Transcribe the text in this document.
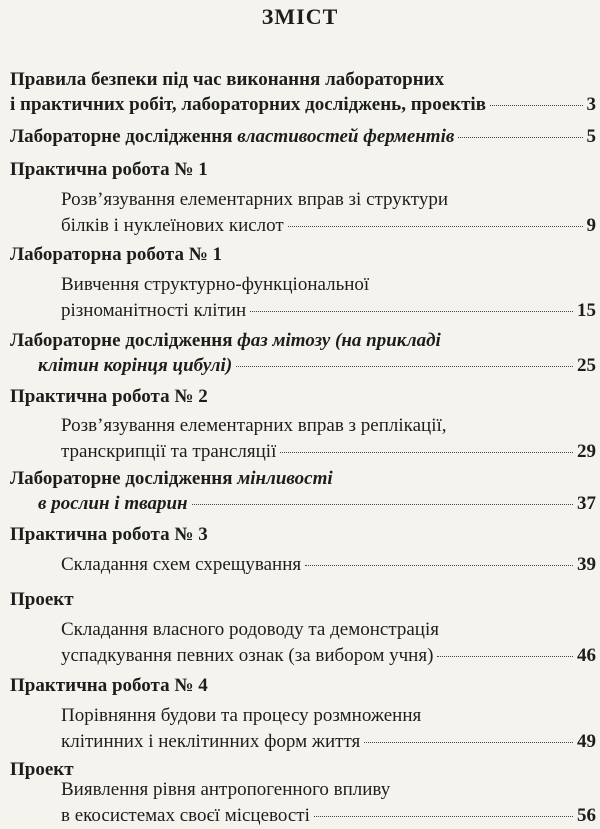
ЗМІСТ
Правила безпеки під час виконання лабораторних
і практичних робіт, лабораторних досліджень, проектів	3
Лабораторне дослідження властивостей ферментів	5
Практична робота № 1
Розв’язування елементарних вправ зі структури
білків і нуклеїнових кислот	9
Лабораторна робота № 1
Вивчення структурно-функціональної
різноманітності клітин	15
Лабораторне дослідження фаз мітозу (на прикладі
клітин корінця цибулі)	25
Практична робота № 2
Розв’язування елементарних вправ з реплікації,
транскрипції та трансляції	29
Лабораторне дослідження мінливості
в рослин і тварин	37
Практична робота № 3
Складання схем схрещування	39
Проект
Складання власного родоводу та демонстрація
успадкування певних ознак (за вибором учня)	46
Практична робота № 4
Порівняння будови та процесу розмноження
клітинних і неклітинних форм життя	49
Проект
Виявлення рівня антропогенного впливу
в екосистемах своєї місцевості	56
